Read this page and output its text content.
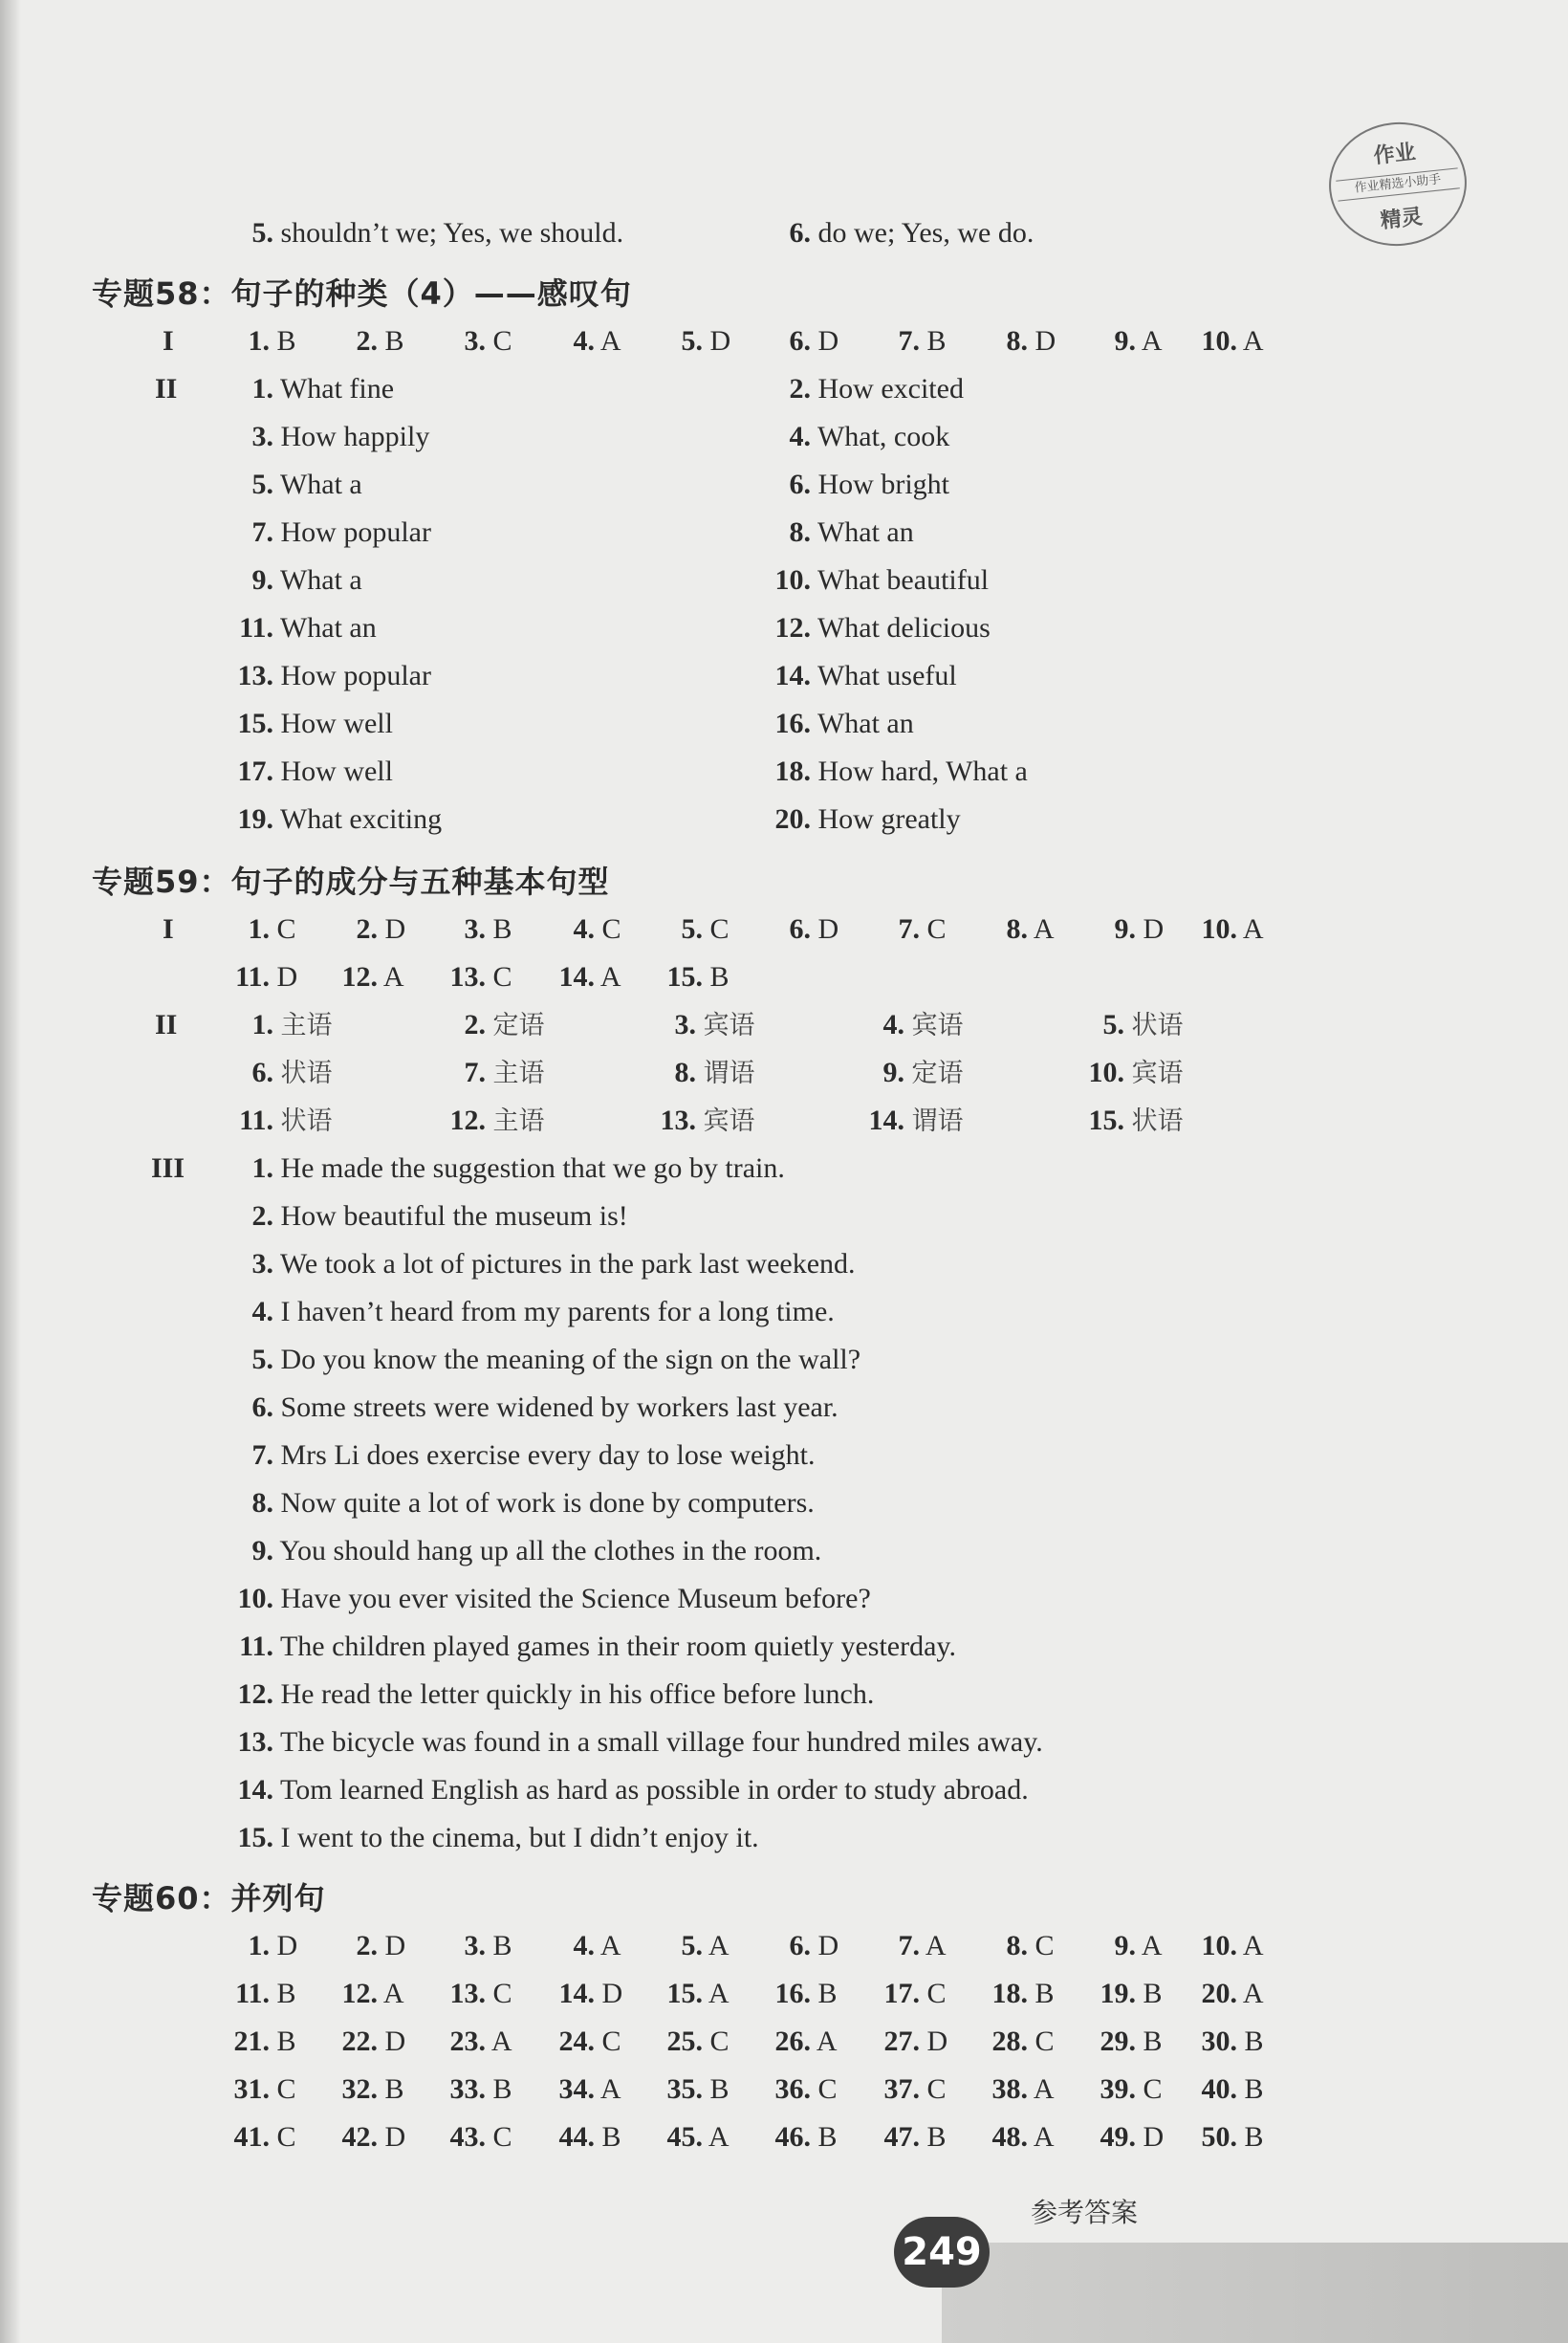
作业
作业精选小助手
精灵
5. shouldn’t we; Yes, we should.	6. do we; Yes, we do.
专题58：句子的种类（4）——感叹句
I	1. B	2. B	3. C	4. A	5. D	6. D	7. B	8. D	9. A	10. A
II	1. What fine	2. How excited
3. How happily	4. What, cook
5. What a	6. How bright
7. How popular	8. What an
9. What a	10. What beautiful
11. What an	12. What delicious
13. How popular	14. What useful
15. How well	16. What an
17. How well	18. How hard, What a
19. What exciting	20. How greatly
专题59：句子的成分与五种基本句型
I	1. C	2. D	3. B	4. C	5. C	6. D	7. C	8. A	9. D	10. A
11. D	12. A	13. C	14. A	15. B
II	1. 主语	2. 定语	3. 宾语	4. 宾语	5. 状语
6. 状语	7. 主语	8. 谓语	9. 定语	10. 宾语
11. 状语	12. 主语	13. 宾语	14. 谓语	15. 状语
III	1. He made the suggestion that we go by train.
2. How beautiful the museum is!
3. We took a lot of pictures in the park last weekend.
4. I haven’t heard from my parents for a long time.
5. Do you know the meaning of the sign on the wall?
6. Some streets were widened by workers last year.
7. Mrs Li does exercise every day to lose weight.
8. Now quite a lot of work is done by computers.
9. You should hang up all the clothes in the room.
10. Have you ever visited the Science Museum before?
11. The children played games in their room quietly yesterday.
12. He read the letter quickly in his office before lunch.
13. The bicycle was found in a small village four hundred miles away.
14. Tom learned English as hard as possible in order to study abroad.
15. I went to the cinema, but I didn’t enjoy it.
专题60：并列句
1. D	2. D	3. B	4. A	5. A	6. D	7. A	8. C	9. A	10. A
11. B	12. A	13. C	14. D	15. A	16. B	17. C	18. B	19. B	20. A
21. B	22. D	23. A	24. C	25. C	26. A	27. D	28. C	29. B	30. B
31. C	32. B	33. B	34. A	35. B	36. C	37. C	38. A	39. C	40. B
41. C	42. D	43. C	44. B	45. A	46. B	47. B	48. A	49. D	50. B
参考答案
249
